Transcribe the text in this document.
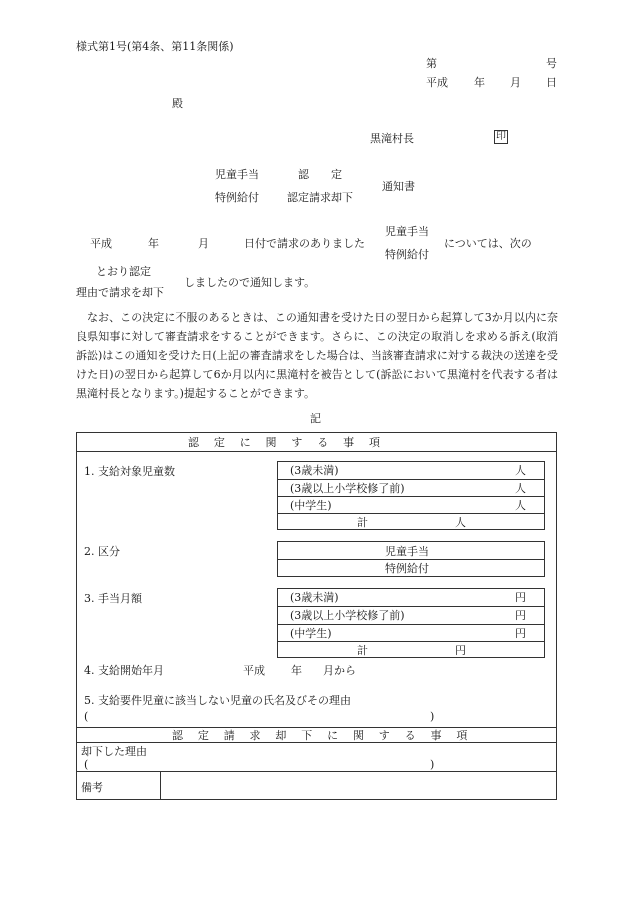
様式第1号(第4条、第11条関係)
第	号
平成 年 月 日
殿
黒滝村長	印
児童手当	認　　定
特例給付	認定請求却下
通知書
平成	年	月	日付で請求のありました
児童手当
特例給付
については、次の
とおり認定
理由で請求を却下
しましたので通知します。
なお、この決定に不服のあるときは、この通知書を受けた日の翌日から起算して3か月以内に奈良県知事に対して審査請求をすることができます。さらに、この決定の取消しを求める訴え(取消訴訟)はこの通知を受けた日(上記の審査請求をした場合は、当該審査請求に対する裁決の送達を受けた日)の翌日から起算して6か月以内に黒滝村を被告として(訴訟において黒滝村を代表する者は黒滝村長となります。)提起することができます。
記
認定に関する事項
1. 支給対象児童数	(3歳未満)	人
(3歳以上小学校修了前)	人
(中学生)	人
計	人
2. 区分	児童手当
特例給付
3. 手当月額	(3歳未満)	円
(3歳以上小学校修了前)	円
(中学生)	円
計	円
4. 支給開始年月	平成 年 月から
5. 支給要件児童に該当しない児童の氏名及びその理由
(	)
認定請求却下に関する事項
却下した理由
(	)
備考
